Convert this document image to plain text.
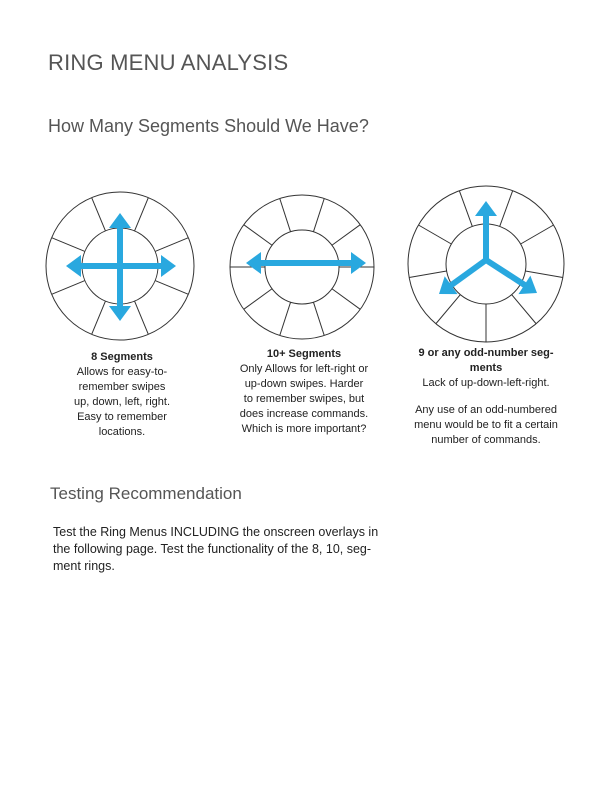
RING MENU ANALYSIS
How Many Segments Should We Have?
8 Segments
Allows for easy-to-
remember swipes
up, down, left, right.
Easy to remember
locations.
10+ Segments
Only Allows for left-right or
up-down swipes. Harder
to remember swipes, but
does increase commands.
Which is more important?
9 or any odd-number seg-
ments
Lack of up-down-left-right.
Any use of an odd-numbered
menu would be to fit a certain
number of commands.
Testing Recommendation
Test the Ring Menus INCLUDING the onscreen overlays in
the following page. Test the functionality of the 8, 10, seg-
ment rings.
